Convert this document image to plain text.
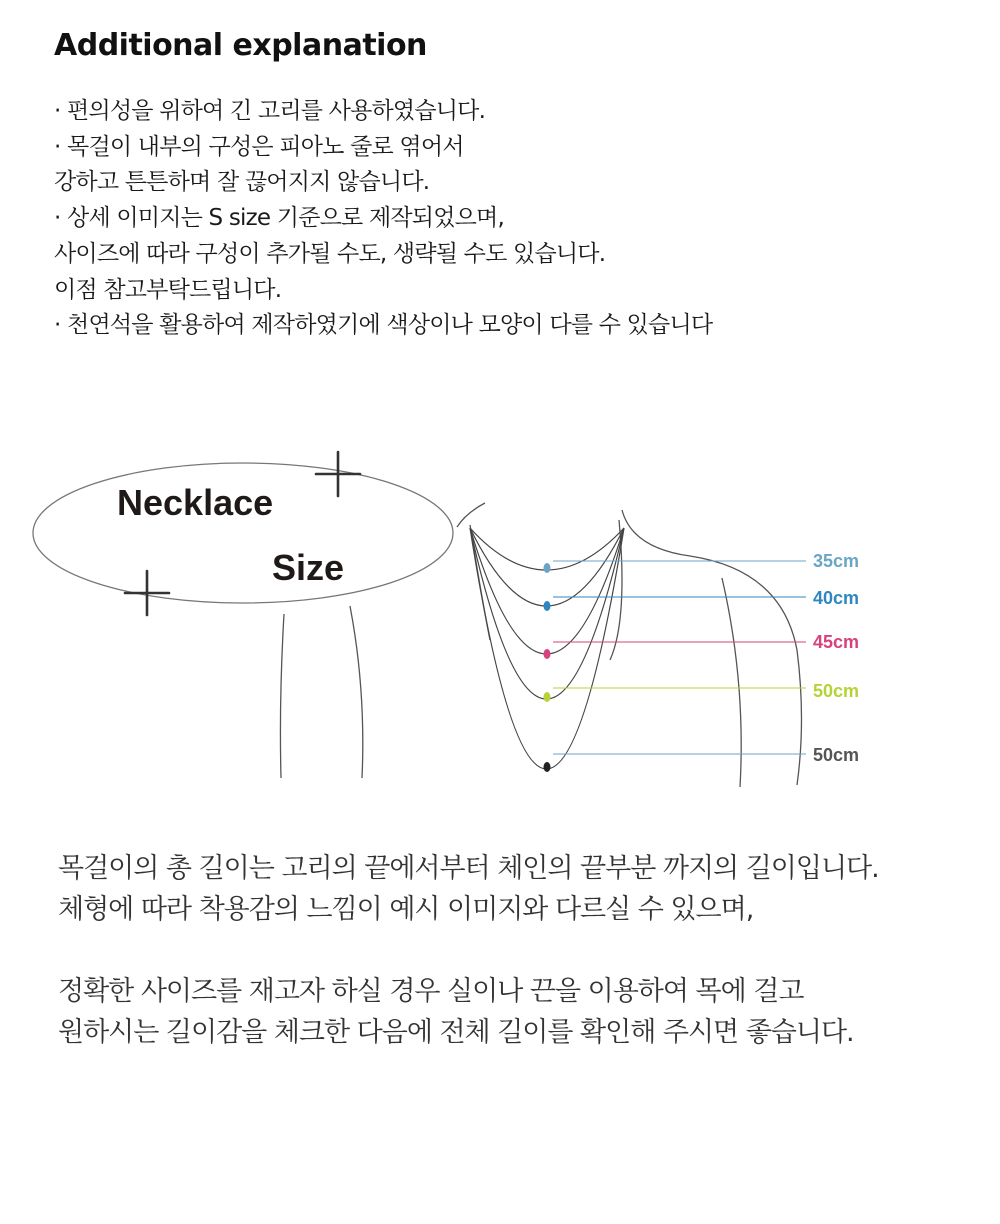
Additional explanation
· 편의성을 위하여 긴 고리를 사용하였습니다.
· 목걸이 내부의 구성은 피아노 줄로 엮어서
강하고 튼튼하며 잘 끊어지지 않습니다.
· 상세 이미지는 S size 기준으로 제작되었으며,
사이즈에 따라 구성이 추가될 수도, 생략될 수도 있습니다.
이점 참고부탁드립니다.
· 천연석을 활용하여 제작하였기에 색상이나 모양이 다를 수 있습니다
Necklace
Size	35cm
40cm
45cm
50cm
50cm
목걸이의 총 길이는 고리의 끝에서부터 체인의 끝부분 까지의 길이입니다.
체형에 따라 착용감의 느낌이 예시 이미지와 다르실 수 있으며,
정확한 사이즈를 재고자 하실 경우 실이나 끈을 이용하여 목에 걸고
원하시는 길이감을 체크한 다음에 전체 길이를 확인해 주시면 좋습니다.
